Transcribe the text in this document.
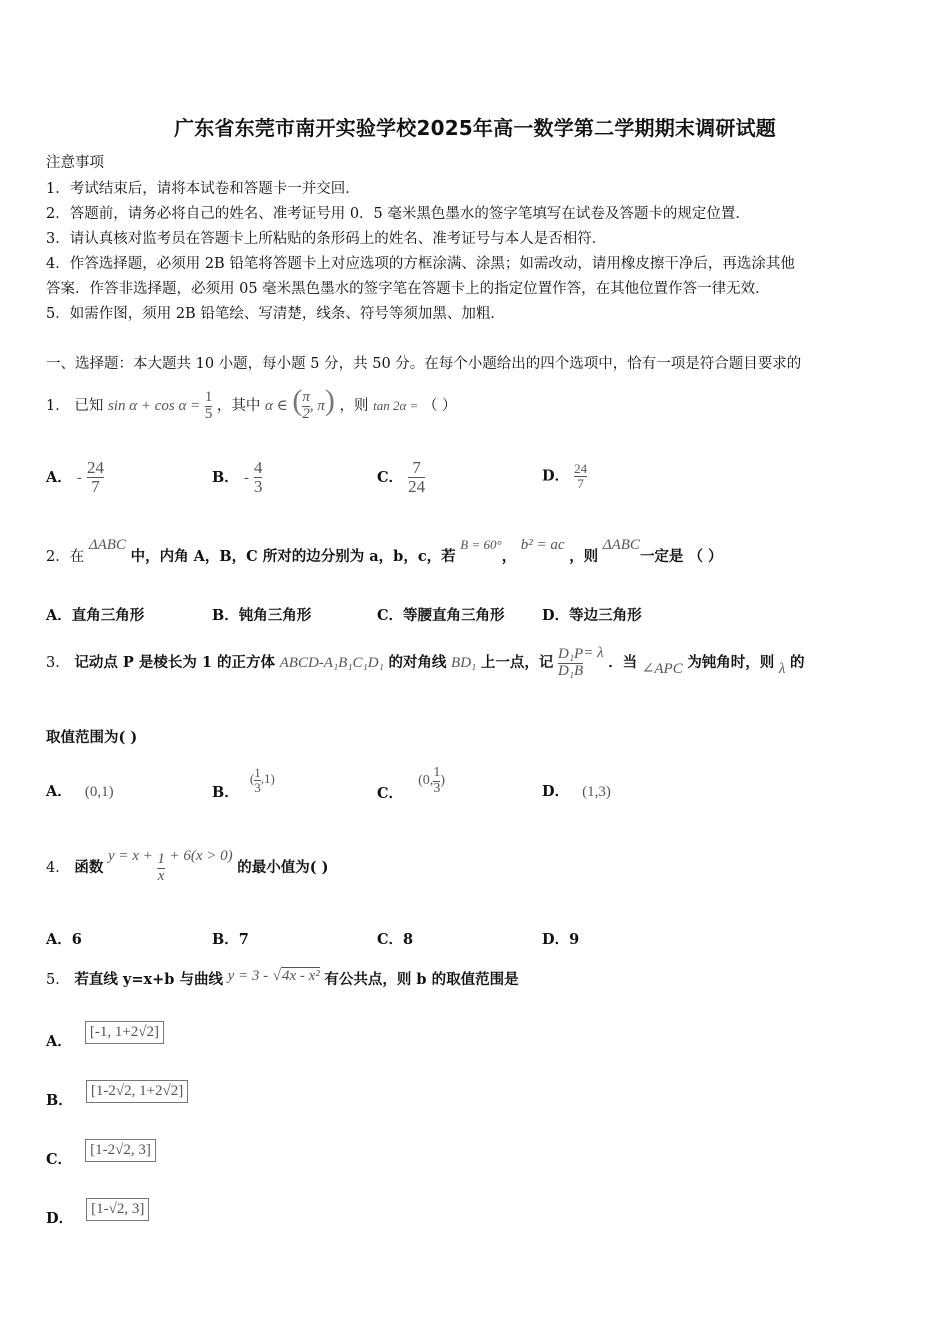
广东省东莞市南开实验学校2025年高一数学第二学期期末调研试题
注意事项
1．考试结束后，请将本试卷和答题卡一并交回．
2．答题前，请务必将自己的姓名、准考证号用 0．5 毫米黑色墨水的签字笔填写在试卷及答题卡的规定位置．
3．请认真核对监考员在答题卡上所粘贴的条形码上的姓名、准考证号与本人是否相符．
4．作答选择题，必须用 2B 铅笔将答题卡上对应选项的方框涂满、涂黑；如需改动，请用橡皮擦干净后，再选涂其他
答案．作答非选择题，必须用 05 毫米黑色墨水的签字笔在答题卡上的指定位置作答，在其他位置作答一律无效．
5．如需作图，须用 2B 铅笔绘、写清楚，线条、符号等须加黑、加粗．
一、选择题：本大题共 10 小题，每小题 5 分，共 50 分。在每个小题给出的四个选项中，恰有一项是符合题目要求的
1． 已知 $\sin \alpha + \cos \alpha = \frac{1}{5}$ ，其中 α ∈ ( $\frac{\pi}{2}$ , π) ，则 tan 2α = （ ）
A． - $\frac{24}{7}$	B． - $\frac{4}{3}$	C． $\frac{7}{24}$	D． $\frac{24}{7}$
2．在 ΔABC 中，内角 A，B，C 所对的边分别为 a，b，c，若 B = 60°， b² = ac ，则 ΔABC一定是 （ ）
A．直角三角形	B．钝角三角形	C．等腰直角三角形	D．等边三角形
3． 记动点 P 是棱长为 1 的正方体 ABCD-A₁B₁C₁D₁ 的对角线 BD₁ 上一点，记 $\frac{\text{D₁P}}{\text{D₁B}} = \lambda$ ．当 ∠APC 为钝角时，则 λ 的
取值范围为( )
A． (0,1)	B． ( $\frac{1}{3} ,1$)
C． (0, $\frac{1}{3}$ )
D． (1,3)
4． 函数 $y = x + \frac{1}{x} + 6(x > 0)$ 的最小值为( )
A．6	B．7	C．8	D．9
5． 若直线 y=x+b 与曲线 y = 3 - √4x - x² 有公共点，则 b 的取值范围是
A． [-1, 1+2√2]
B． [1-2√2, 1+2√2]
C． [1-2√2, 3]
D． [1-√2, 3]
